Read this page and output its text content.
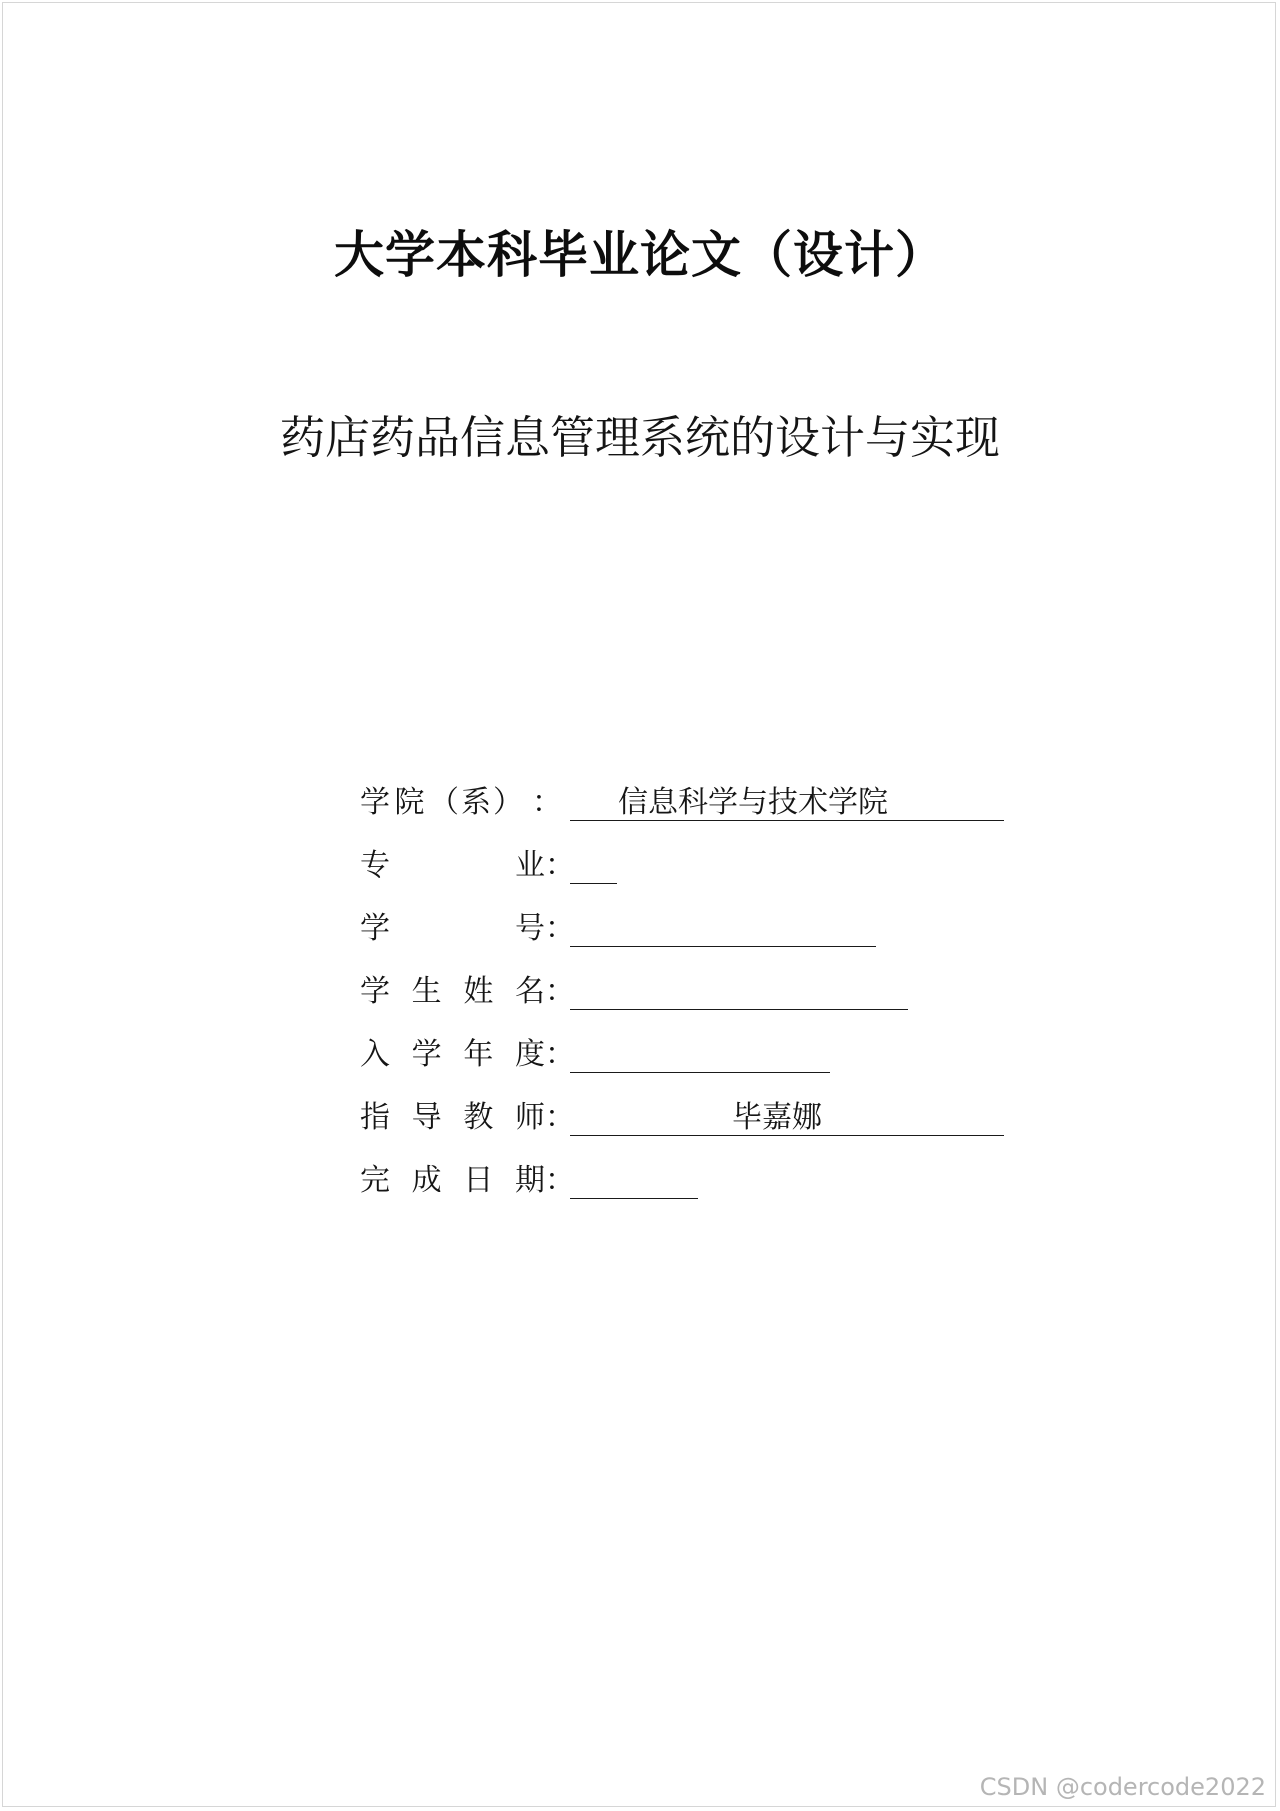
大学本科毕业论文（设计）
药店药品信息管理系统的设计与实现
学 院 （系） ： 信息科学与技术学院
专	业 ：
学	号 ：
学 生 姓 名 ：
入 学 年 度 ：
指 导 教 师 ：	毕嘉娜
完 成 日 期 ：
CSDN @codercode2022
